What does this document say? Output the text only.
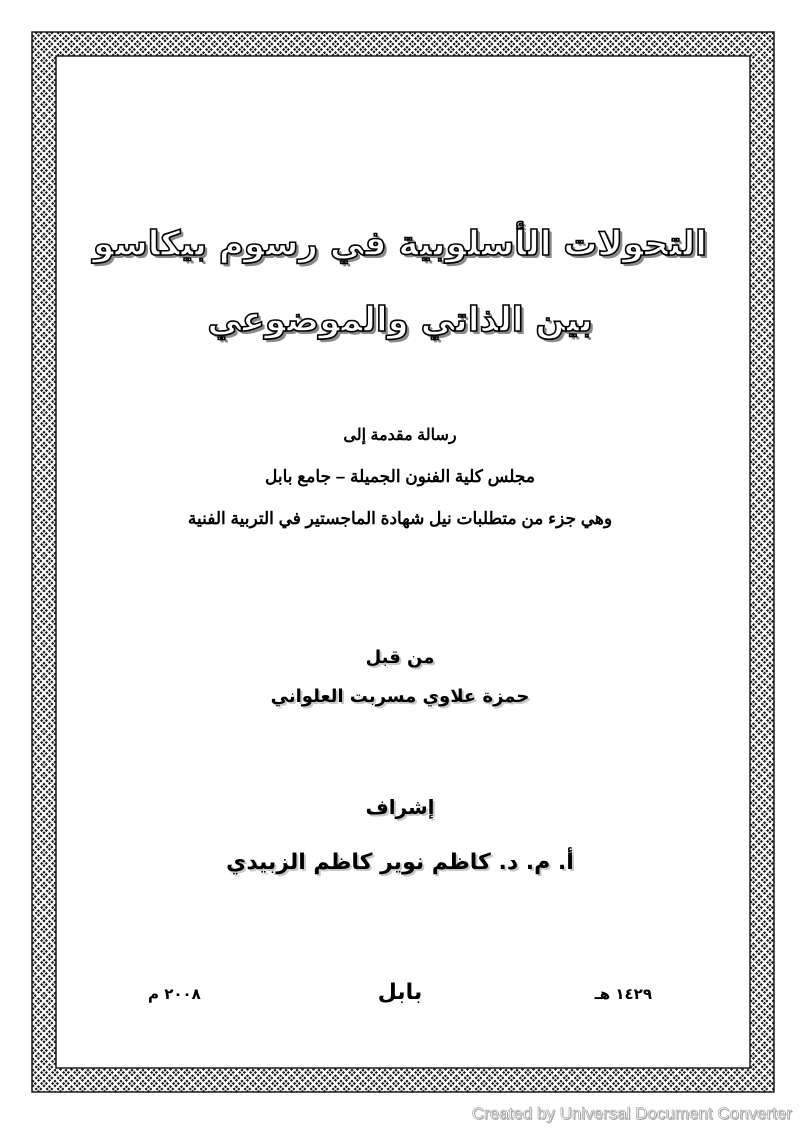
التحولات الأسلوبية في رسوم بيكاسو
بين الذاتي والموضوعي
رسالة مقدمة إلى
مجلس كلية الفنون الجميلة – جامع بابل
وهي جزء من متطلبات نيل شهادة الماجستير في التربية الفنية
من قبل
حمزة علاوي مسربت العلواني
إشراف
أ. م. د. كاظم نوير كاظم الزبيدي
١٤٢٩ هـ
بابل
٢٠٠٨ م
Created by Universal Document Converter
